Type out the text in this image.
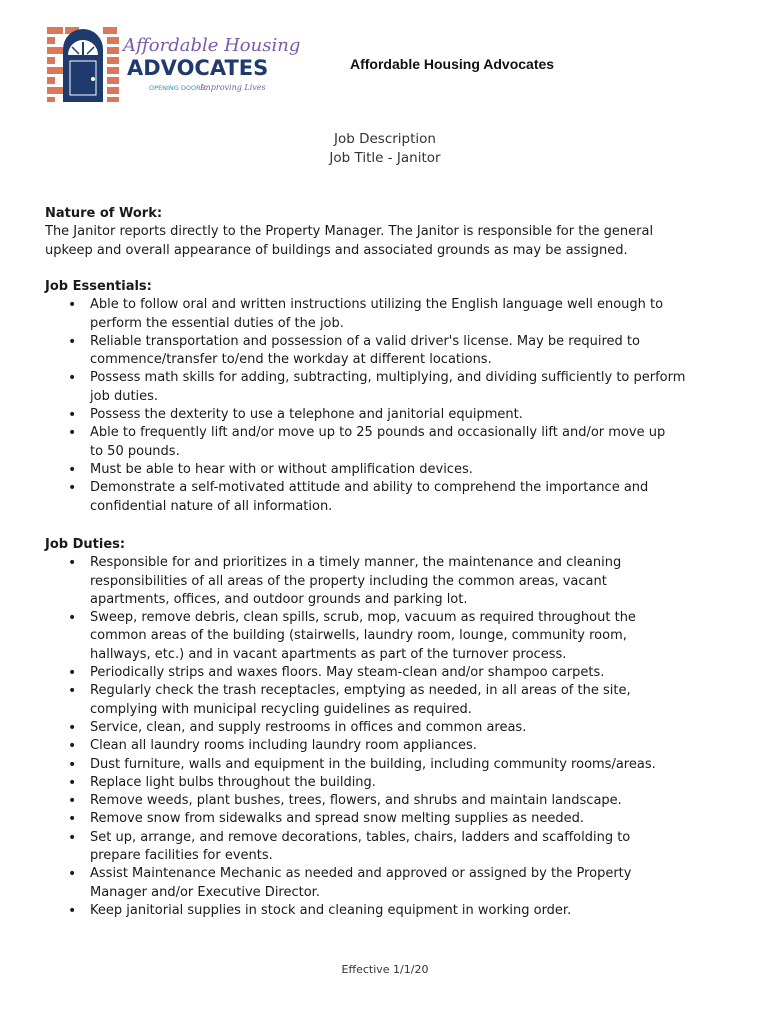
Affordable Housing
ADVOCATES
OPENING DOORS,
Improving Lives
Affordable Housing Advocates
Job Description
Job Title - Janitor
Nature of Work:
The Janitor reports directly to the Property Manager. The Janitor is responsible for the general
upkeep and overall appearance of buildings and associated grounds as may be assigned.
Job Essentials:
• Able to follow oral and written instructions utilizing the English language well enough to
perform the essential duties of the job.
• Reliable transportation and possession of a valid driver's license. May be required to
commence/transfer to/end the workday at different locations.
• Possess math skills for adding, subtracting, multiplying, and dividing sufficiently to perform
job duties.
• Possess the dexterity to use a telephone and janitorial equipment.
• Able to frequently lift and/or move up to 25 pounds and occasionally lift and/or move up
to 50 pounds.
• Must be able to hear with or without amplification devices.
• Demonstrate a self-motivated attitude and ability to comprehend the importance and
confidential nature of all information.
Job Duties:
• Responsible for and prioritizes in a timely manner, the maintenance and cleaning
responsibilities of all areas of the property including the common areas, vacant
apartments, offices, and outdoor grounds and parking lot.
• Sweep, remove debris, clean spills, scrub, mop, vacuum as required throughout the
common areas of the building (stairwells, laundry room, lounge, community room,
hallways, etc.) and in vacant apartments as part of the turnover process.
• Periodically strips and waxes floors. May steam-clean and/or shampoo carpets.
• Regularly check the trash receptacles, emptying as needed, in all areas of the site,
complying with municipal recycling guidelines as required.
• Service, clean, and supply restrooms in offices and common areas.
• Clean all laundry rooms including laundry room appliances.
• Dust furniture, walls and equipment in the building, including community rooms/areas.
• Replace light bulbs throughout the building.
• Remove weeds, plant bushes, trees, flowers, and shrubs and maintain landscape.
• Remove snow from sidewalks and spread snow melting supplies as needed.
• Set up, arrange, and remove decorations, tables, chairs, ladders and scaffolding to
prepare facilities for events.
• Assist Maintenance Mechanic as needed and approved or assigned by the Property
Manager and/or Executive Director.
• Keep janitorial supplies in stock and cleaning equipment in working order.
Effective 1/1/20
